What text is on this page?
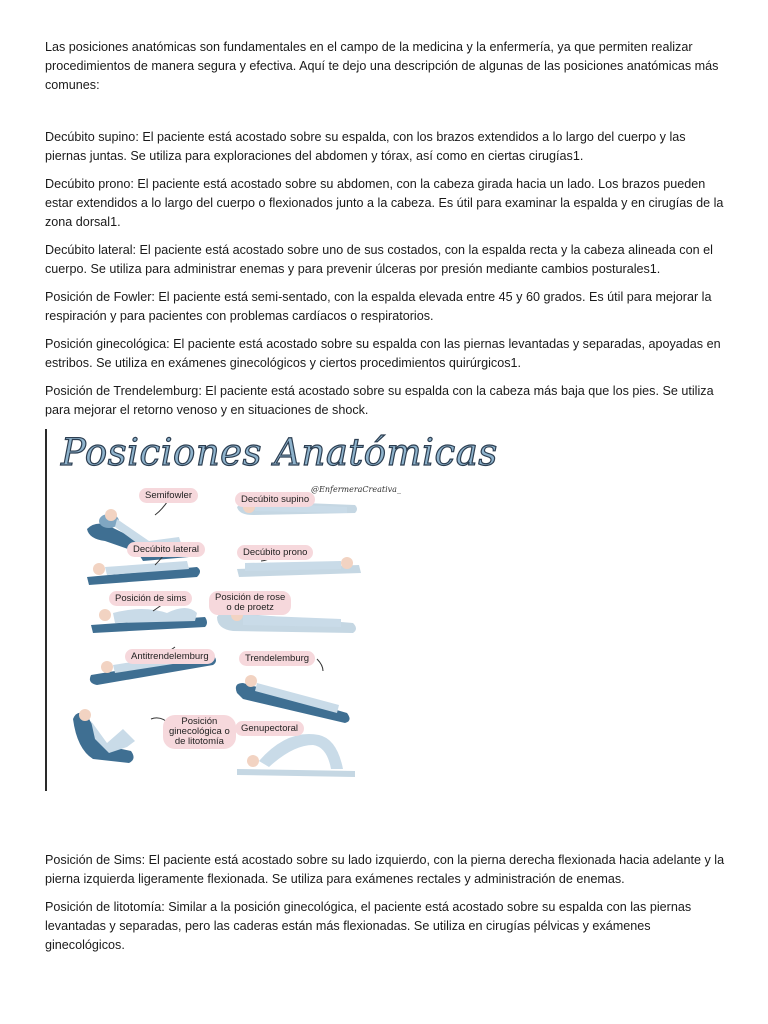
Las posiciones anatómicas son fundamentales en el campo de la medicina y la enfermería, ya que permiten realizar procedimientos de manera segura y efectiva. Aquí te dejo una descripción de algunas de las posiciones anatómicas más comunes:

Decúbito supino: El paciente está acostado sobre su espalda, con los brazos extendidos a lo largo del cuerpo y las piernas juntas. Se utiliza para exploraciones del abdomen y tórax, así como en ciertas cirugías1.

Decúbito prono: El paciente está acostado sobre su abdomen, con la cabeza girada hacia un lado. Los brazos pueden estar extendidos a lo largo del cuerpo o flexionados junto a la cabeza. Es útil para examinar la espalda y en cirugías de la zona dorsal1.

Decúbito lateral: El paciente está acostado sobre uno de sus costados, con la espalda recta y la cabeza alineada con el cuerpo. Se utiliza para administrar enemas y para prevenir úlceras por presión mediante cambios posturales1.

Posición de Fowler: El paciente está semi-sentado, con la espalda elevada entre 45 y 60 grados. Es útil para mejorar la respiración y para pacientes con problemas cardíacos o respiratorios.

Posición ginecológica: El paciente está acostado sobre su espalda con las piernas levantadas y separadas, apoyadas en estribos. Se utiliza en exámenes ginecológicos y ciertos procedimientos quirúrgicos1.

Posición de Trendelemburg: El paciente está acostado sobre su espalda con la cabeza más baja que los pies. Se utiliza para mejorar el retorno venoso y en situaciones de shock.

Posiciones Anatómicas
@EnfermeraCreativa_
Semifowler	Decúbito supino
Decúbito lateral	Decúbito prono
Posición de sims	Posición de rose
o de proetz
Antitrendelemburg	Trendelemburg
Posición
ginecológica o
de litotomía
Genupectoral

Posición de Sims: El paciente está acostado sobre su lado izquierdo, con la pierna derecha flexionada hacia adelante y la pierna izquierda ligeramente flexionada. Se utiliza para exámenes rectales y administración de enemas.

Posición de litotomía: Similar a la posición ginecológica, el paciente está acostado sobre su espalda con las piernas levantadas y separadas, pero las caderas están más flexionadas. Se utiliza en cirugías pélvicas y exámenes ginecológicos.
